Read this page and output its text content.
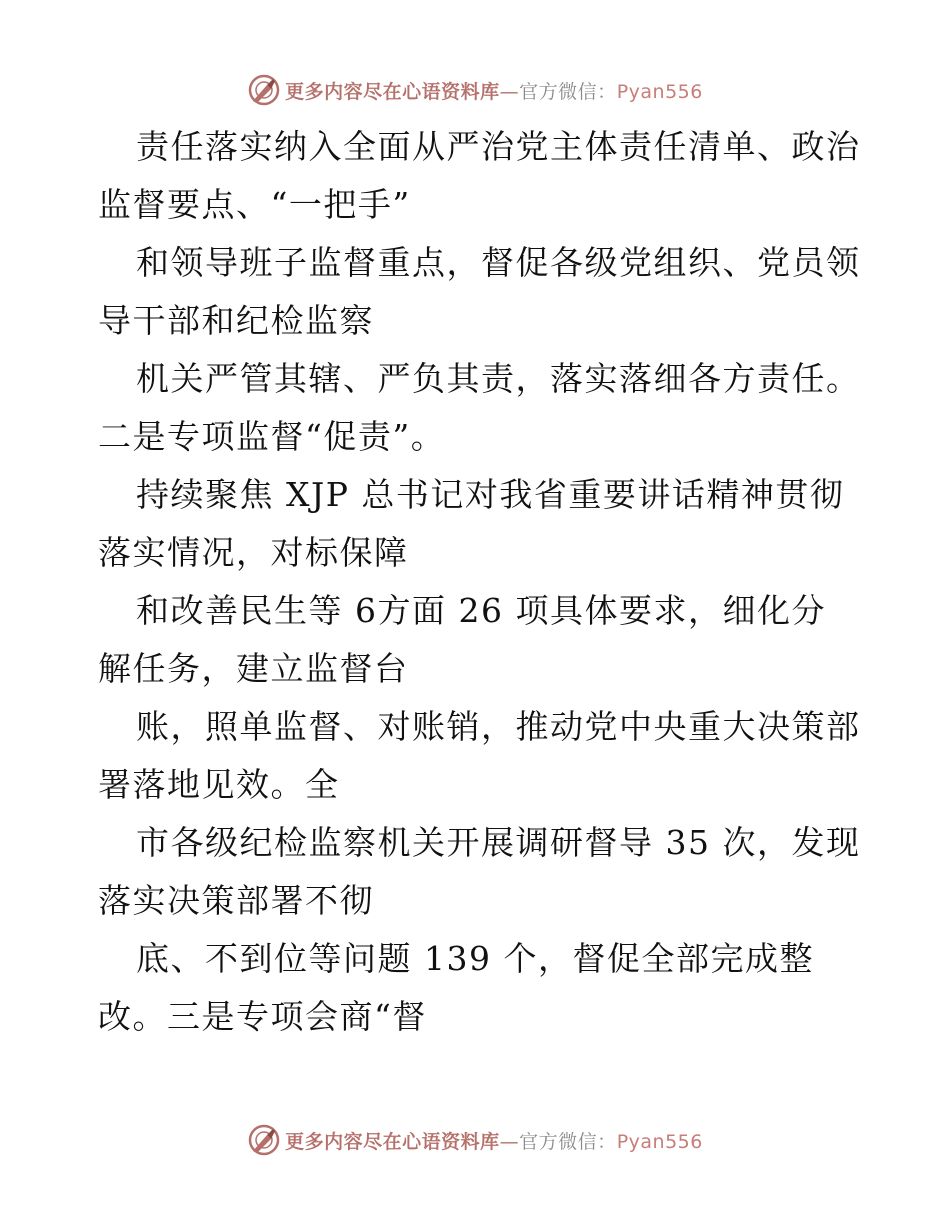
更多内容尽在心语资料库—官方微信：Pyan556

责任落实纳入全面从严治党主体责任清单、政治
监督要点、“一把手”

和领导班子监督重点，督促各级党组织、党员领
导干部和纪检监察

机关严管其辖、严负其责，落实落细各方责任。
二是专项监督“促责”。

持续聚焦 XJP 总书记对我省重要讲话精神贯彻
落实情况，对标保障

和改善民生等 6方面 26 项具体要求，细化分
解任务，建立监督台

账，照单监督、对账销，推动党中央重大决策部
署落地见效。全

市各级纪检监察机关开展调研督导 35 次，发现
落实决策部署不彻

底、不到位等问题 139 个，督促全部完成整
改。三是专项会商“督

更多内容尽在心语资料库—官方微信：Pyan556
